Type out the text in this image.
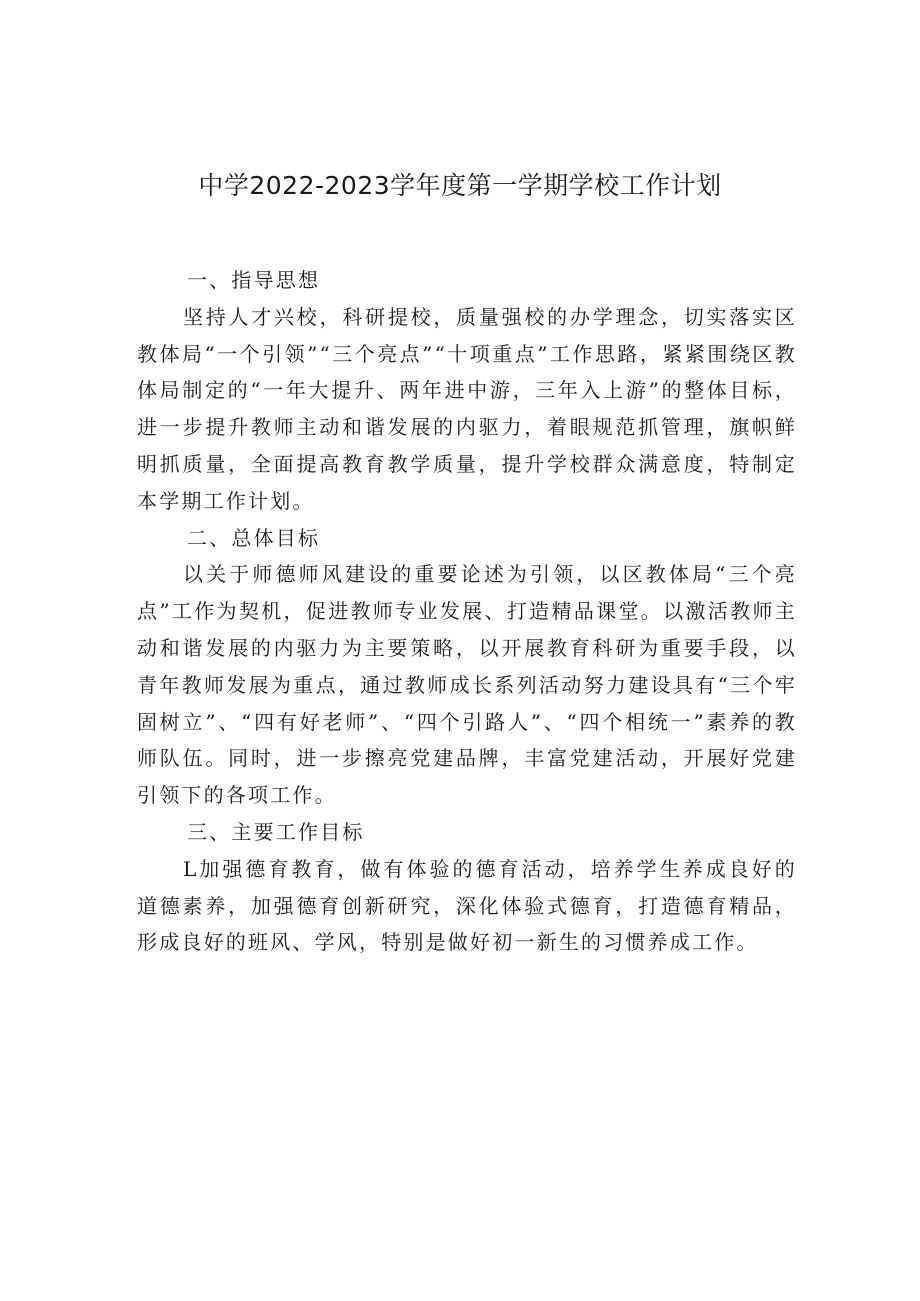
中学2022-2023学年度第一学期学校工作计划

一、指导思想

坚持人才兴校，科研提校，质量强校的办学理念，切实落实区教体局“一个引领”“三个亮点”“十项重点”工作思路，紧紧围绕区教体局制定的“一年大提升、两年进中游，三年入上游”的整体目标，进一步提升教师主动和谐发展的内驱力，着眼规范抓管理，旗帜鲜明抓质量，全面提高教育教学质量，提升学校群众满意度，特制定本学期工作计划。

二、总体目标

以关于师德师风建设的重要论述为引领，以区教体局“三个亮点”工作为契机，促进教师专业发展、打造精品课堂。以激活教师主动和谐发展的内驱力为主要策略，以开展教育科研为重要手段，以青年教师发展为重点，通过教师成长系列活动努力建设具有“三个牢固树立”、“四有好老师”、“四个引路人”、“四个相统一”素养的教师队伍。同时，进一步擦亮党建品牌，丰富党建活动，开展好党建引领下的各项工作。

三、主要工作目标

L加强德育教育，做有体验的德育活动，培养学生养成良好的道德素养，加强德育创新研究，深化体验式德育，打造德育精品，形成良好的班风、学风，特别是做好初一新生的习惯养成工作。
